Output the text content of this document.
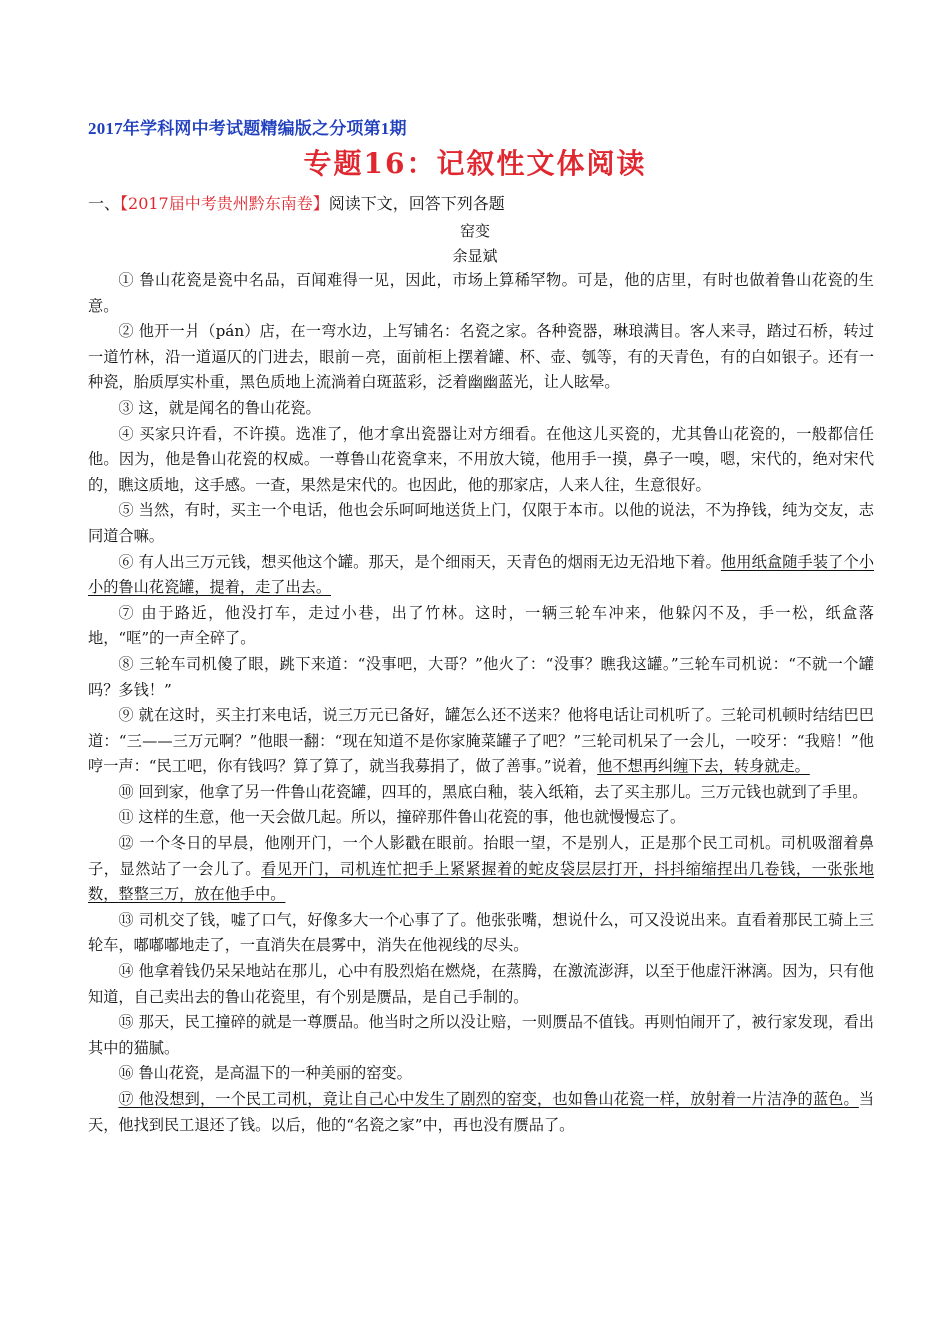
2017年学科网中考试题精编版之分项第1期
专题16：记叙性文体阅读
一、【2017届中考贵州黔东南卷】阅读下文，回答下列各题
窑变
余显斌

① 鲁山花瓷是瓷中名品，百闻难得一见，因此，市场上算稀罕物。可是，他的店里，有时也做着鲁山花瓷的生意。

② 他开一爿（pán）店，在一弯水边，上写铺名：名瓷之家。各种瓷器，琳琅满目。客人来寻，踏过石桥，转过一道竹林，沿一道逼仄的门进去，眼前－亮，面前柜上摆着罐、杯、壶、瓠等，有的天青色，有的白如银子。还有一种瓷，胎质厚实朴重，黑色质地上流淌着白斑蓝彩，泛着幽幽蓝光，让人眩晕。

③ 这，就是闻名的鲁山花瓷。

④ 买家只许看，不许摸。选准了，他才拿出瓷器让对方细看。在他这儿买瓷的，尤其鲁山花瓷的，一般都信任他。因为，他是鲁山花瓷的权威。一尊鲁山花瓷拿来，不用放大镜，他用手一摸，鼻子一嗅，嗯，宋代的，绝对宋代的，瞧这质地，这手感。一查，果然是宋代的。也因此，他的那家店，人来人往，生意很好。

⑤ 当然，有时，买主一个电话，他也会乐呵呵地送货上门，仅限于本市。以他的说法，不为挣钱，纯为交友，志同道合嘛。

⑥ 有人出三万元钱，想买他这个罐。那天，是个细雨天，天青色的烟雨无边无沿地下着。他用纸盒随手装了个小小的鲁山花瓷罐，提着，走了出去。

⑦ 由于路近，他没打车，走过小巷，出了竹林。这时，一辆三轮车冲来，他躲闪不及，手一松，纸盒落地，“哐”的一声全碎了。

⑧ 三轮车司机傻了眼，跳下来道：“没事吧，大哥？”他火了：“没事？瞧我这罐。”三轮车司机说：“不就一个罐吗？多钱！”

⑨ 就在这时，买主打来电话，说三万元已备好，罐怎么还不送来？他将电话让司机听了。三轮司机顿时结结巴巴道：“三——三万元啊？”他眼一翻：“现在知道不是你家腌菜罐子了吧？”三轮司机呆了一会儿，一咬牙：“我赔！”他哼一声：“民工吧，你有钱吗？算了算了，就当我募捐了，做了善事。”说着，他不想再纠缠下去，转身就走。

⑩ 回到家，他拿了另一件鲁山花瓷罐，四耳的，黑底白釉，装入纸箱，去了买主那儿。三万元钱也就到了手里。

⑪ 这样的生意，他一天会做几起。所以，撞碎那件鲁山花瓷的事，他也就慢慢忘了。

⑫ 一个冬日的早晨，他刚开门，一个人影戳在眼前。抬眼一望，不是别人，正是那个民工司机。司机吸溜着鼻子，显然站了一会儿了。看见开门，司机连忙把手上紧紧握着的蛇皮袋层层打开，抖抖缩缩捏出几卷钱，一张张地数，整整三万，放在他手中。

⑬ 司机交了钱，嘘了口气，好像多大一个心事了了。他张张嘴，想说什么，可又没说出来。直看着那民工骑上三轮车，嘟嘟嘟地走了，一直消失在晨雾中，消失在他视线的尽头。

⑭ 他拿着钱仍呆呆地站在那儿，心中有股烈焰在燃烧，在蒸腾，在激流澎湃，以至于他虚汗淋漓。因为，只有他知道，自己卖出去的鲁山花瓷里，有个别是赝品，是自己手制的。

⑮ 那天，民工撞碎的就是一尊赝品。他当时之所以没让赔，一则赝品不值钱。再则怕闹开了，被行家发现，看出其中的猫腻。

⑯ 鲁山花瓷，是高温下的一种美丽的窑变。

⑰ 他没想到，一个民工司机，竟让自己心中发生了剧烈的窑变，也如鲁山花瓷一样，放射着一片洁净的蓝色。当天，他找到民工退还了钱。以后，他的“名瓷之家”中，再也没有赝品了。
